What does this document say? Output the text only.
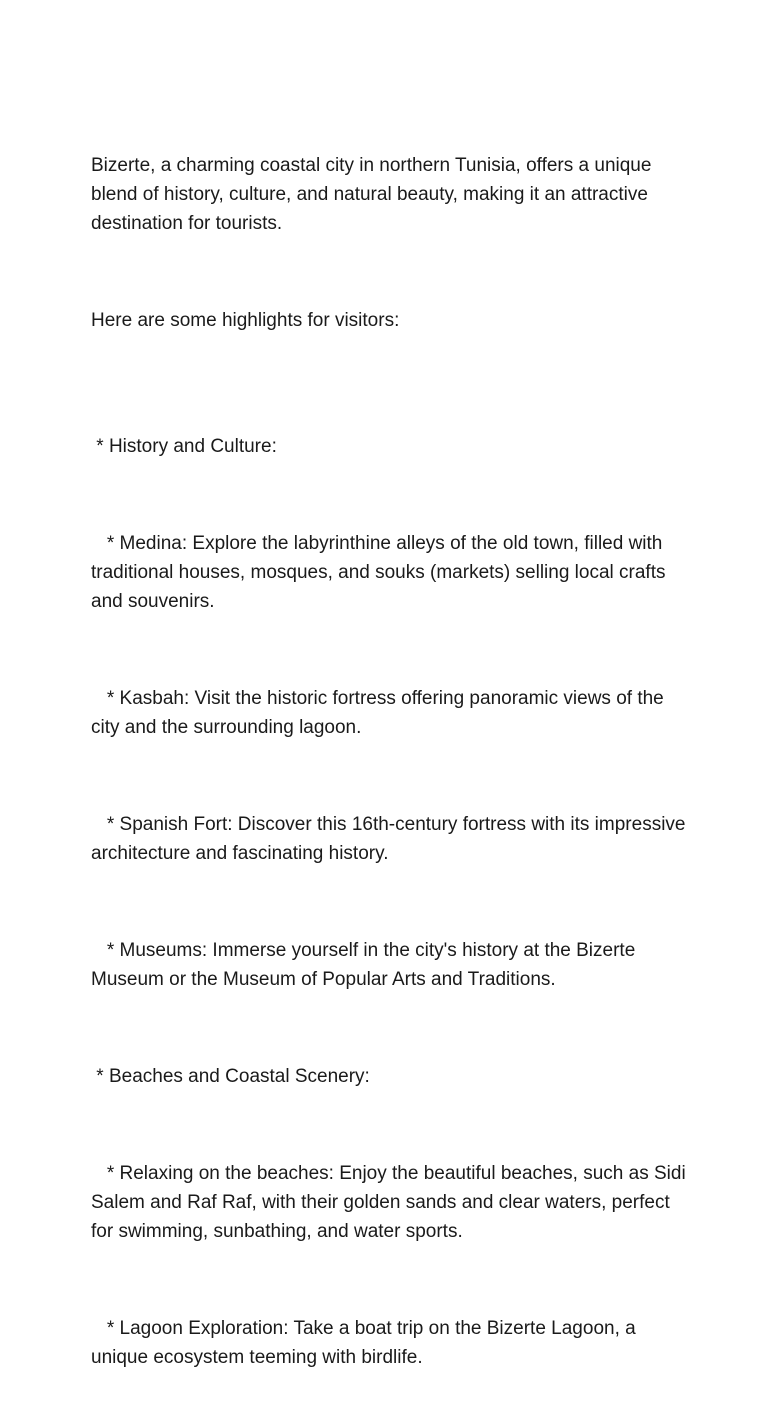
Bizerte, a charming coastal city in northern Tunisia, offers a unique blend of history, culture, and natural beauty, making it an attractive destination for tourists.

Here are some highlights for visitors:

* History and Culture:

* Medina: Explore the labyrinthine alleys of the old town, filled with traditional houses, mosques, and souks (markets) selling local crafts and souvenirs.

* Kasbah: Visit the historic fortress offering panoramic views of the city and the surrounding lagoon.

* Spanish Fort: Discover this 16th-century fortress with its impressive architecture and fascinating history.

* Museums: Immerse yourself in the city's history at the Bizerte Museum or the Museum of Popular Arts and Traditions.

* Beaches and Coastal Scenery:

* Relaxing on the beaches: Enjoy the beautiful beaches, such as Sidi Salem and Raf Raf, with their golden sands and clear waters, perfect for swimming, sunbathing, and water sports.

* Lagoon Exploration: Take a boat trip on the Bizerte Lagoon, a unique ecosystem teeming with birdlife.
